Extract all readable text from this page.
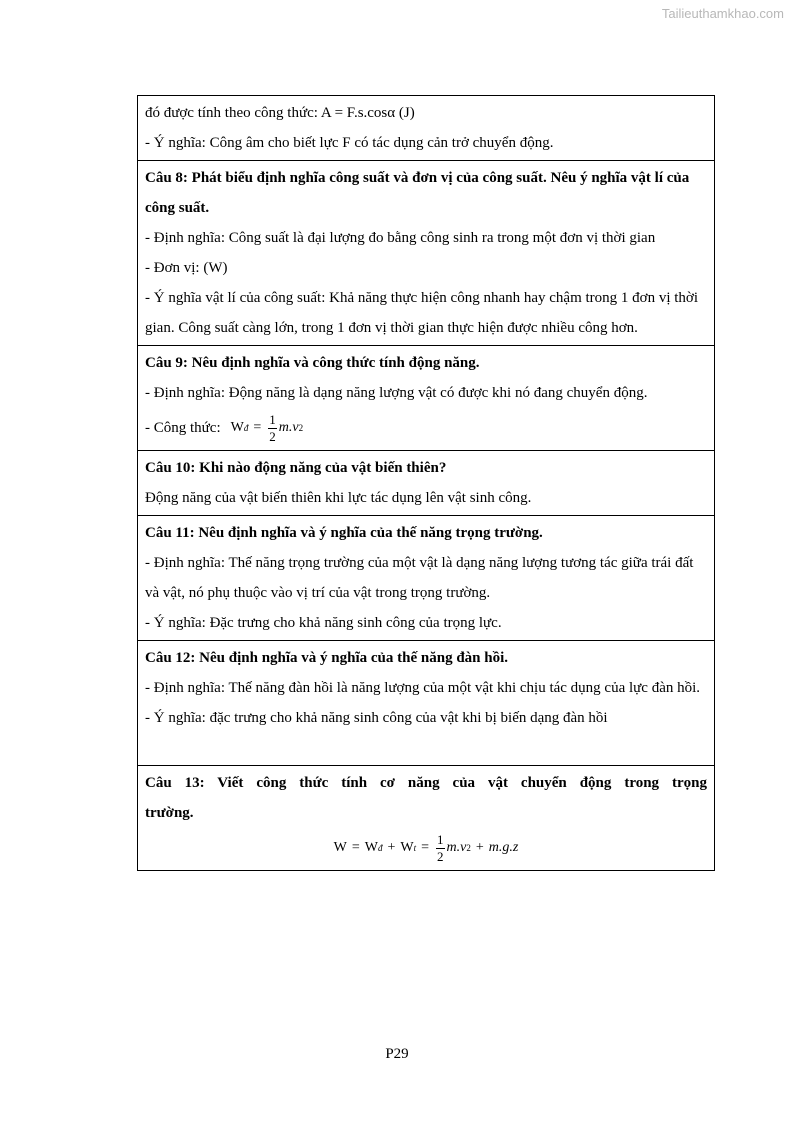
Tailieuthamkhao.com

đó được tính theo công thức: A = F.s.cosα (J)

- Ý nghĩa: Công âm cho biết lực F có tác dụng cản trở chuyển động.

Câu 8: Phát biểu định nghĩa công suất và đơn vị của công suất. Nêu ý nghĩa vật lí của công suất.

- Định nghĩa: Công suất là đại lượng đo bằng công sinh ra trong một đơn vị thời gian

- Đơn vị: (W)

- Ý nghĩa vật lí của công suất: Khả năng thực hiện công nhanh hay chậm trong 1 đơn vị thời gian. Công suất càng lớn, trong 1 đơn vị thời gian thực hiện được nhiều công hơn.

Câu 9: Nêu định nghĩa và công thức tính động năng.

- Định nghĩa: Động năng là dạng năng lượng vật có được khi nó đang chuyển động.

- Công thức: W đ = $\frac{1}{2} m.v$ 2

Câu 10: Khi nào động năng của vật biến thiên?

Động năng của vật biến thiên khi lực tác dụng lên vật sinh công.

Câu 11: Nêu định nghĩa và ý nghĩa của thế năng trọng trường.

- Định nghĩa: Thế năng trọng trường của một vật là dạng năng lượng tương tác giữa trái đất và vật, nó phụ thuộc vào vị trí của vật trong trọng trường.

- Ý nghĩa: Đặc trưng cho khả năng sinh công của trọng lực.

Câu 12: Nêu định nghĩa và ý nghĩa của thế năng đàn hồi.

- Định nghĩa: Thế năng đàn hồi là năng lượng của một vật khi chịu tác dụng của lực đàn hồi.

- Ý nghĩa: đặc trưng cho khả năng sinh công của vật khi bị biến dạng đàn hồi

Câu 13: Viết công thức tính cơ năng của vật chuyển động trong trọng

trường.

W = W đ + W $t = \frac{1}{2} m.v$ 2 + m.g.z
P29
